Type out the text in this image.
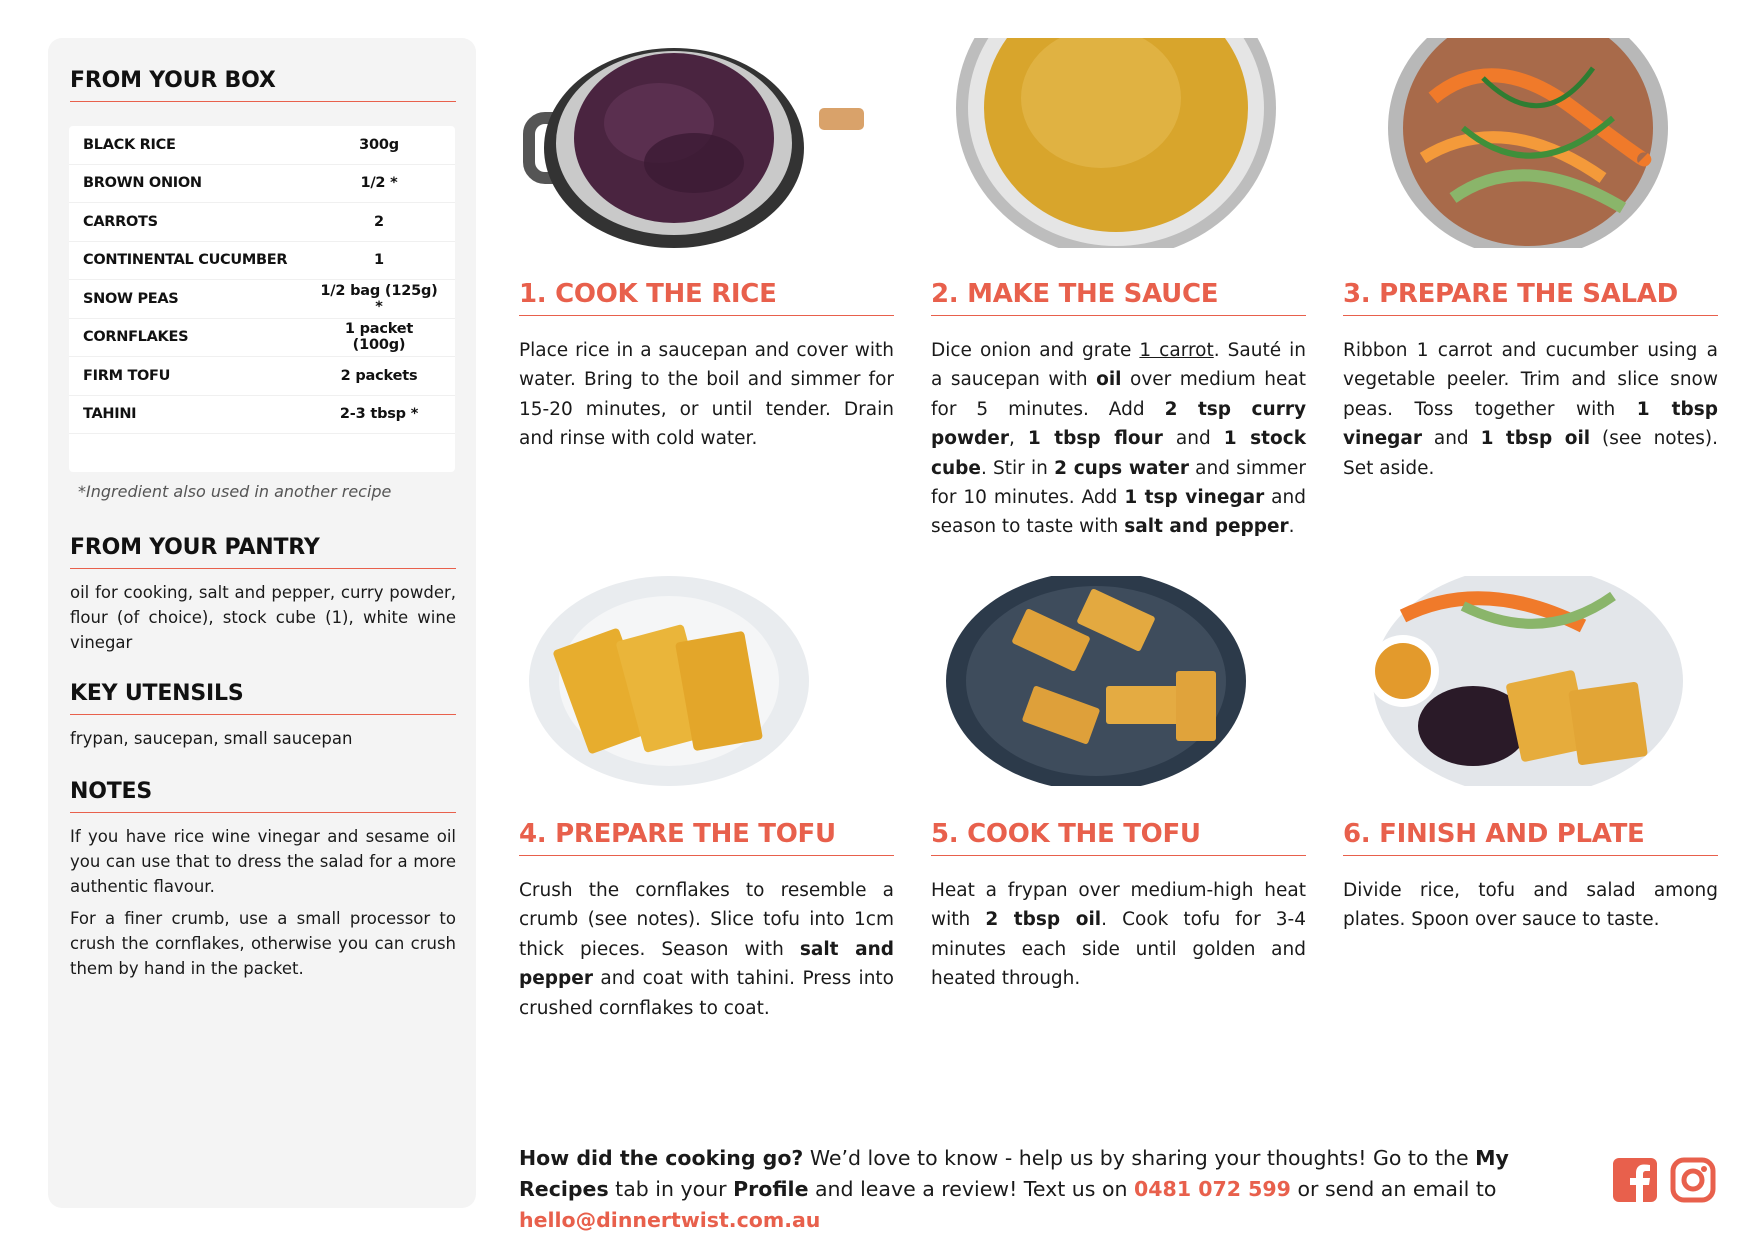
FROM YOUR BOX
BLACK RICE	300g
BROWN ONION	1/2 *
CARROTS	2
CONTINENTAL CUCUMBER	1
SNOW PEAS	1/2 bag (125g) *
CORNFLAKES	1 packet (100g)
FIRM TOFU	2 packets
TAHINI	2-3 tbsp *
*Ingredient also used in another recipe
FROM YOUR PANTRY
oil for cooking, salt and pepper, curry powder, flour (of choice), stock cube (1), white wine vinegar
KEY UTENSILS
frypan, saucepan, small saucepan
NOTES
If you have rice wine vinegar and sesame oil you can use that to dress the salad for a more authentic flavour.
For a finer crumb, use a small processor to crush the cornflakes, otherwise you can crush them by hand in the packet.
1. COOK THE RICE

Place rice in a saucepan and cover with water. Bring to the boil and simmer for 15-20 minutes, or until tender. Drain and rinse with cold water.

2. MAKE THE SAUCE

Dice onion and grate 1 carrot. Sauté in a saucepan with oil over medium heat for 5 minutes. Add 2 tsp curry powder, 1 tbsp flour and 1 stock cube. Stir in 2 cups water and simmer for 10 minutes. Add 1 tsp vinegar and season to taste with salt and pepper.

3. PREPARE THE SALAD

Ribbon 1 carrot and cucumber using a vegetable peeler. Trim and slice snow peas. Toss together with 1 tbsp vinegar and 1 tbsp oil (see notes). Set aside.

4. PREPARE THE TOFU

Crush the cornflakes to resemble a crumb (see notes). Slice tofu into 1cm thick pieces. Season with salt and pepper and coat with tahini. Press into crushed cornflakes to coat.

5. COOK THE TOFU

Heat a frypan over medium-high heat with 2 tbsp oil. Cook tofu for 3-4 minutes each side until golden and heated through.

6. FINISH AND PLATE

Divide rice, tofu and salad among plates. Spoon over sauce to taste.

How did the cooking go? We’d love to know - help us by sharing your thoughts! Go to the My Recipes tab in your Profile and leave a review! Text us on 0481 072 599 or send an email to hello@dinnertwist.com.au
